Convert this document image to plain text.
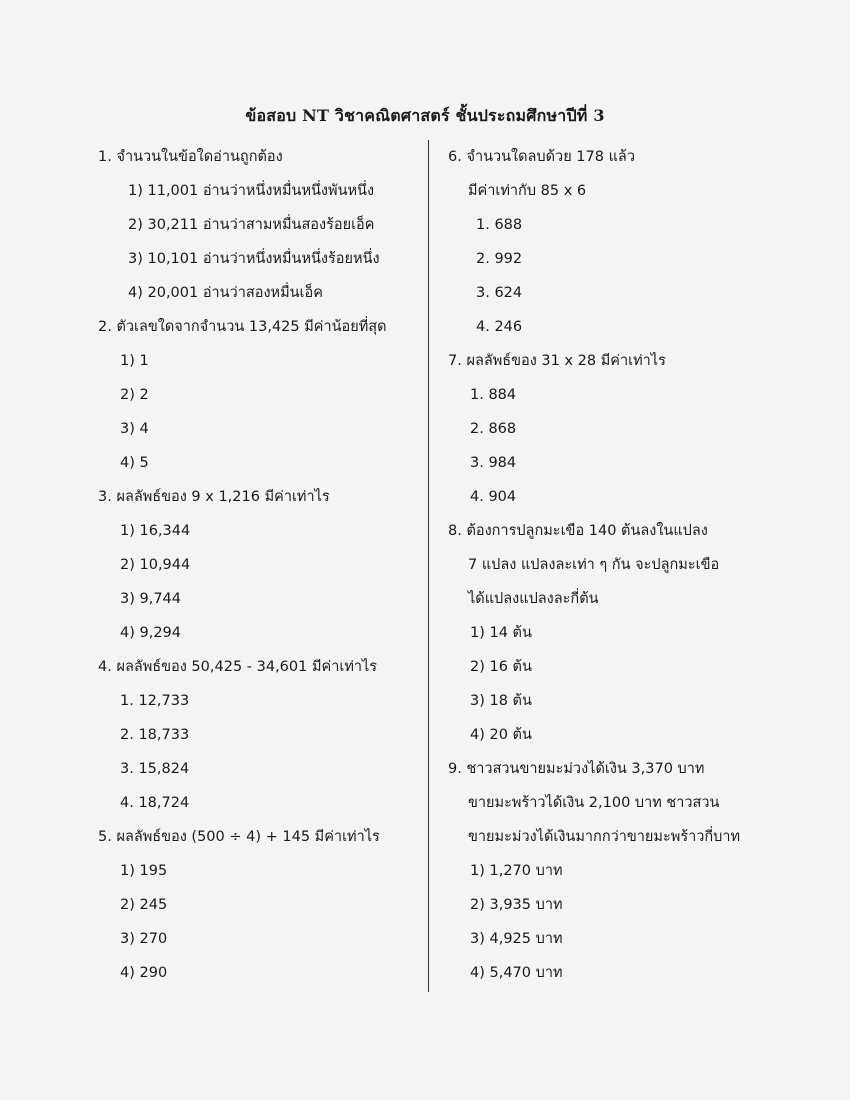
ข้อสอบ NT วิชาคณิตศาสตร์ ชั้นประถมศึกษาปีที่ 3
1. จำนวนในข้อใดอ่านถูกต้อง
1) 11,001 อ่านว่าหนึ่งหมื่นหนึ่งพันหนึ่ง
2) 30,211 อ่านว่าสามหมื่นสองร้อยเอ็ค
3) 10,101 อ่านว่าหนึ่งหมื่นหนึ่งร้อยหนึ่ง
4) 20,001 อ่านว่าสองหมื่นเอ็ค
2. ตัวเลขใดจากจำนวน 13,425 มีค่าน้อยที่สุด
1) 1
2) 2
3) 4
4) 5
3. ผลลัพธ์ของ 9 x 1,216 มีค่าเท่าไร
1) 16,344
2) 10,944
3) 9,744
4) 9,294
4. ผลลัพธ์ของ 50,425 - 34,601 มีค่าเท่าไร
1. 12,733
2. 18,733
3. 15,824
4. 18,724
5. ผลลัพธ์ของ (500 ÷ 4) + 145 มีค่าเท่าไร
1) 195
2) 245
3) 270
4) 290
6. จำนวนใดลบด้วย 178 แล้ว
มีค่าเท่ากับ 85 x 6
1. 688
2. 992
3. 624
4. 246
7. ผลลัพธ์ของ 31 x 28 มีค่าเท่าไร
1. 884
2. 868
3. 984
4. 904
8. ต้องการปลูกมะเขือ 140 ต้นลงในแปลง
7 แปลง แปลงละเท่า ๆ กัน จะปลูกมะเขือ
ได้แปลงแปลงละกี่ต้น
1) 14 ต้น
2) 16 ต้น
3) 18 ต้น
4) 20 ต้น
9. ชาวสวนขายมะม่วงได้เงิน 3,370 บาท
ขายมะพร้าวได้เงิน 2,100 บาท ชาวสวน
ขายมะม่วงได้เงินมากกว่าขายมะพร้าวกี่บาท
1) 1,270 บาท
2) 3,935 บาท
3) 4,925 บาท
4) 5,470 บาท
